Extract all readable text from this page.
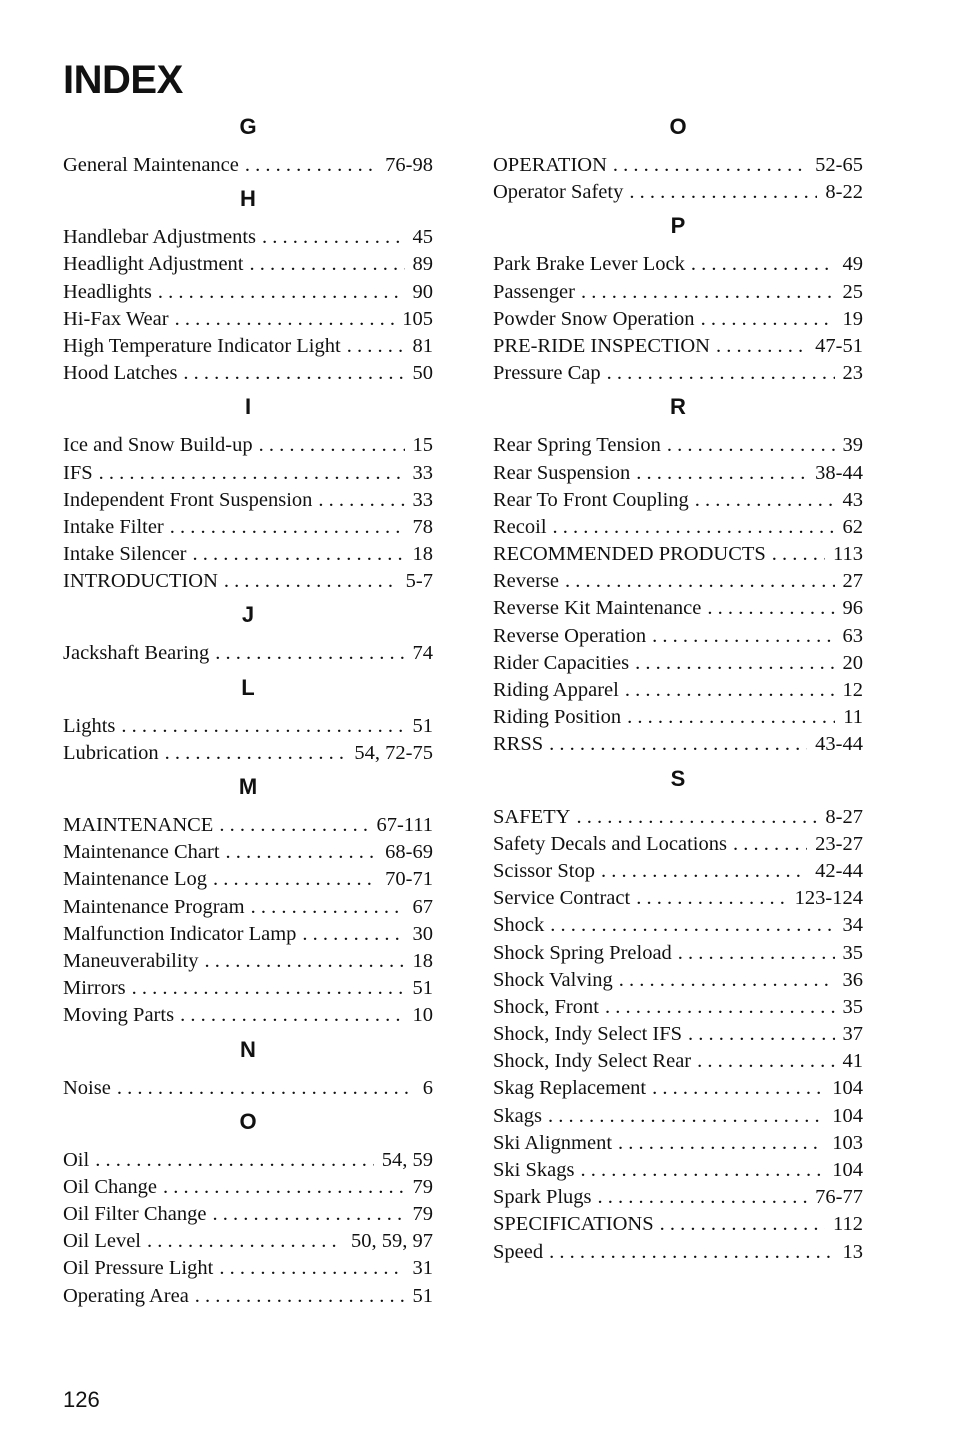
INDEX
G
General Maintenance . . .	76-98
H
Handlebar Adjustments . . .	45
Headlight Adjustment . . .	89
Headlights . . .	90
Hi-Fax Wear . . .	105
High Temperature Indicator Light . . .	81
Hood Latches . . .	50
I
Ice and Snow Build-up . . .	15
IFS . . .	33
Independent Front Suspension . . .	33
Intake Filter . . .	78
Intake Silencer . . .	18
INTRODUCTION . . .	5-7
J
Jackshaft Bearing . . .	74
L
Lights . . .	51
Lubrication . . .	54, 72-75
M
MAINTENANCE . . .	67-111
Maintenance Chart . . .	68-69
Maintenance Log . . .	70-71
Maintenance Program . . .	67
Malfunction Indicator Lamp . . .	30
Maneuverability . . .	18
Mirrors . . .	51
Moving Parts . . .	10
N
Noise . . .	6
O
Oil . . .	54, 59
Oil Change . . .	79
Oil Filter Change . . .	79
Oil Level . . .	50, 59, 97
Oil Pressure Light . . .	31
Operating Area . . .	51
O
OPERATION . . .	52-65
Operator Safety . . .	8-22
P
Park Brake Lever Lock . . .	49
Passenger . . .	25
Powder Snow Operation . . .	19
PRE-RIDE INSPECTION . . .	47-51
Pressure Cap . . .	23
R
Rear Spring Tension . . .	39
Rear Suspension . . .	38-44
Rear To Front Coupling . . .	43
Recoil . . .	62
RECOMMENDED PRODUCTS . . .	113
Reverse . . .	27
Reverse Kit Maintenance . . .	96
Reverse Operation . . .	63
Rider Capacities . . .	20
Riding Apparel . . .	12
Riding Position . . .	11
RRSS . . .	43-44
S
SAFETY . . .	8-27
Safety Decals and Locations . . .	23-27
Scissor Stop . . .	42-44
Service Contract . . .	123-124
Shock . . .	34
Shock Spring Preload . . .	35
Shock Valving . . .	36
Shock, Front . . .	35
Shock, Indy Select IFS . . .	37
Shock, Indy Select Rear . . .	41
Skag Replacement . . .	104
Skags . . .	104
Ski Alignment . . .	103
Ski Skags . . .	104
Spark Plugs . . .	76-77
SPECIFICATIONS . . .	112
Speed . . .	13
126
